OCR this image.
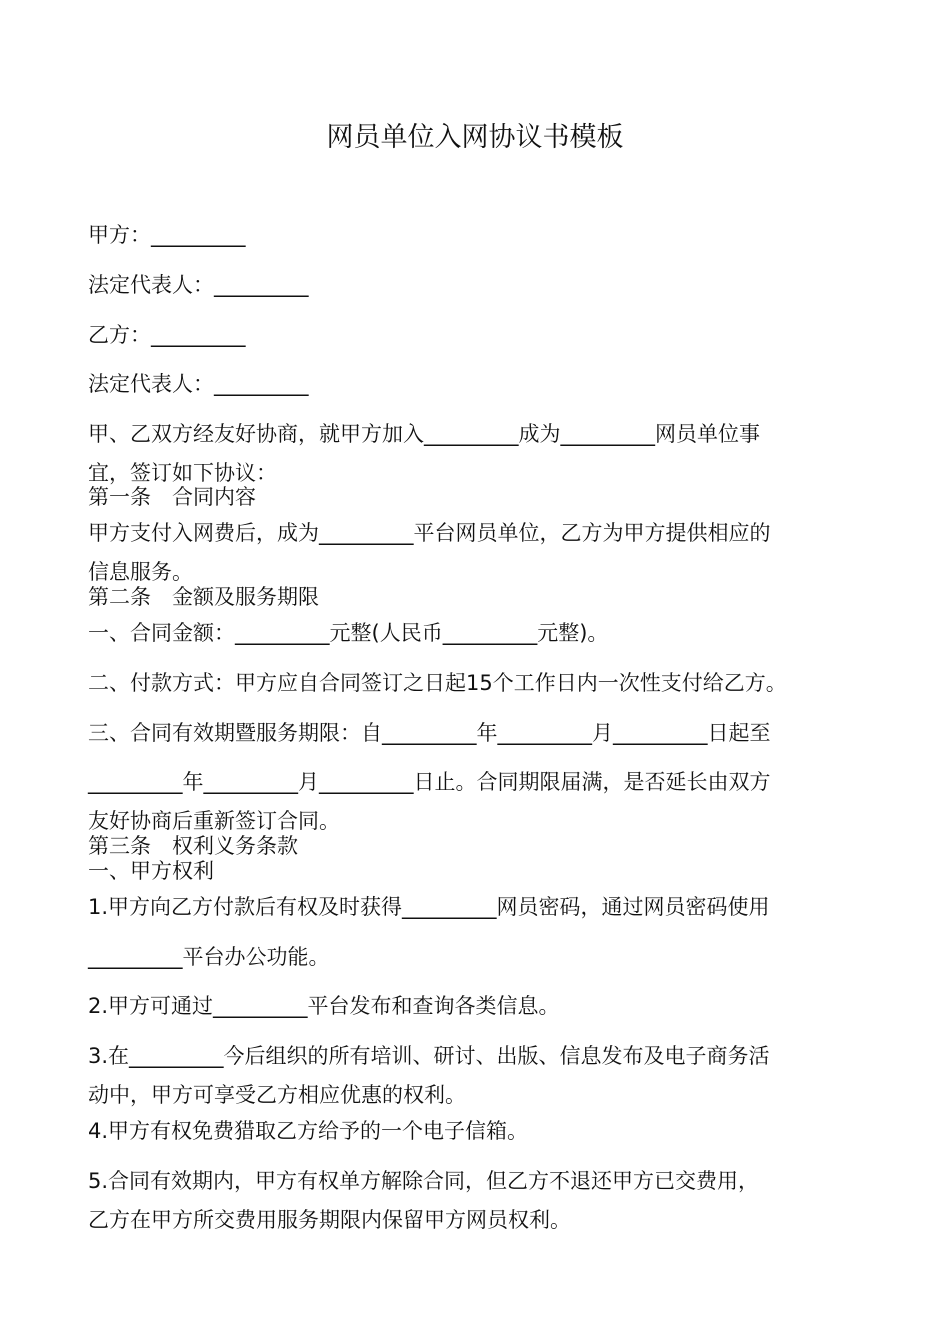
网员单位入网协议书模板
甲方：_________
法定代表人：_________
乙方：_________
法定代表人：_________
甲、乙双方经友好协商，就甲方加入_________成为_________网员单位事
宜，签订如下协议：
第一条　合同内容
甲方支付入网费后，成为_________平台网员单位，乙方为甲方提供相应的
信息服务。
第二条　金额及服务期限
一、合同金额：_________元整(人民币_________元整)。
二、付款方式：甲方应自合同签订之日起15个工作日内一次性支付给乙方。
三、合同有效期暨服务期限：自_________年_________月_________日起至
_________年_________月_________日止。合同期限届满，是否延长由双方
友好协商后重新签订合同。
第三条　权利义务条款
一、甲方权利
1.甲方向乙方付款后有权及时获得_________网员密码，通过网员密码使用
_________平台办公功能。
2.甲方可通过_________平台发布和查询各类信息。
3.在_________今后组织的所有培训、研讨、出版、信息发布及电子商务活
动中，甲方可享受乙方相应优惠的权利。
4.甲方有权免费猎取乙方给予的一个电子信箱。
5.合同有效期内，甲方有权单方解除合同，但乙方不退还甲方已交费用，
乙方在甲方所交费用服务期限内保留甲方网员权利。
